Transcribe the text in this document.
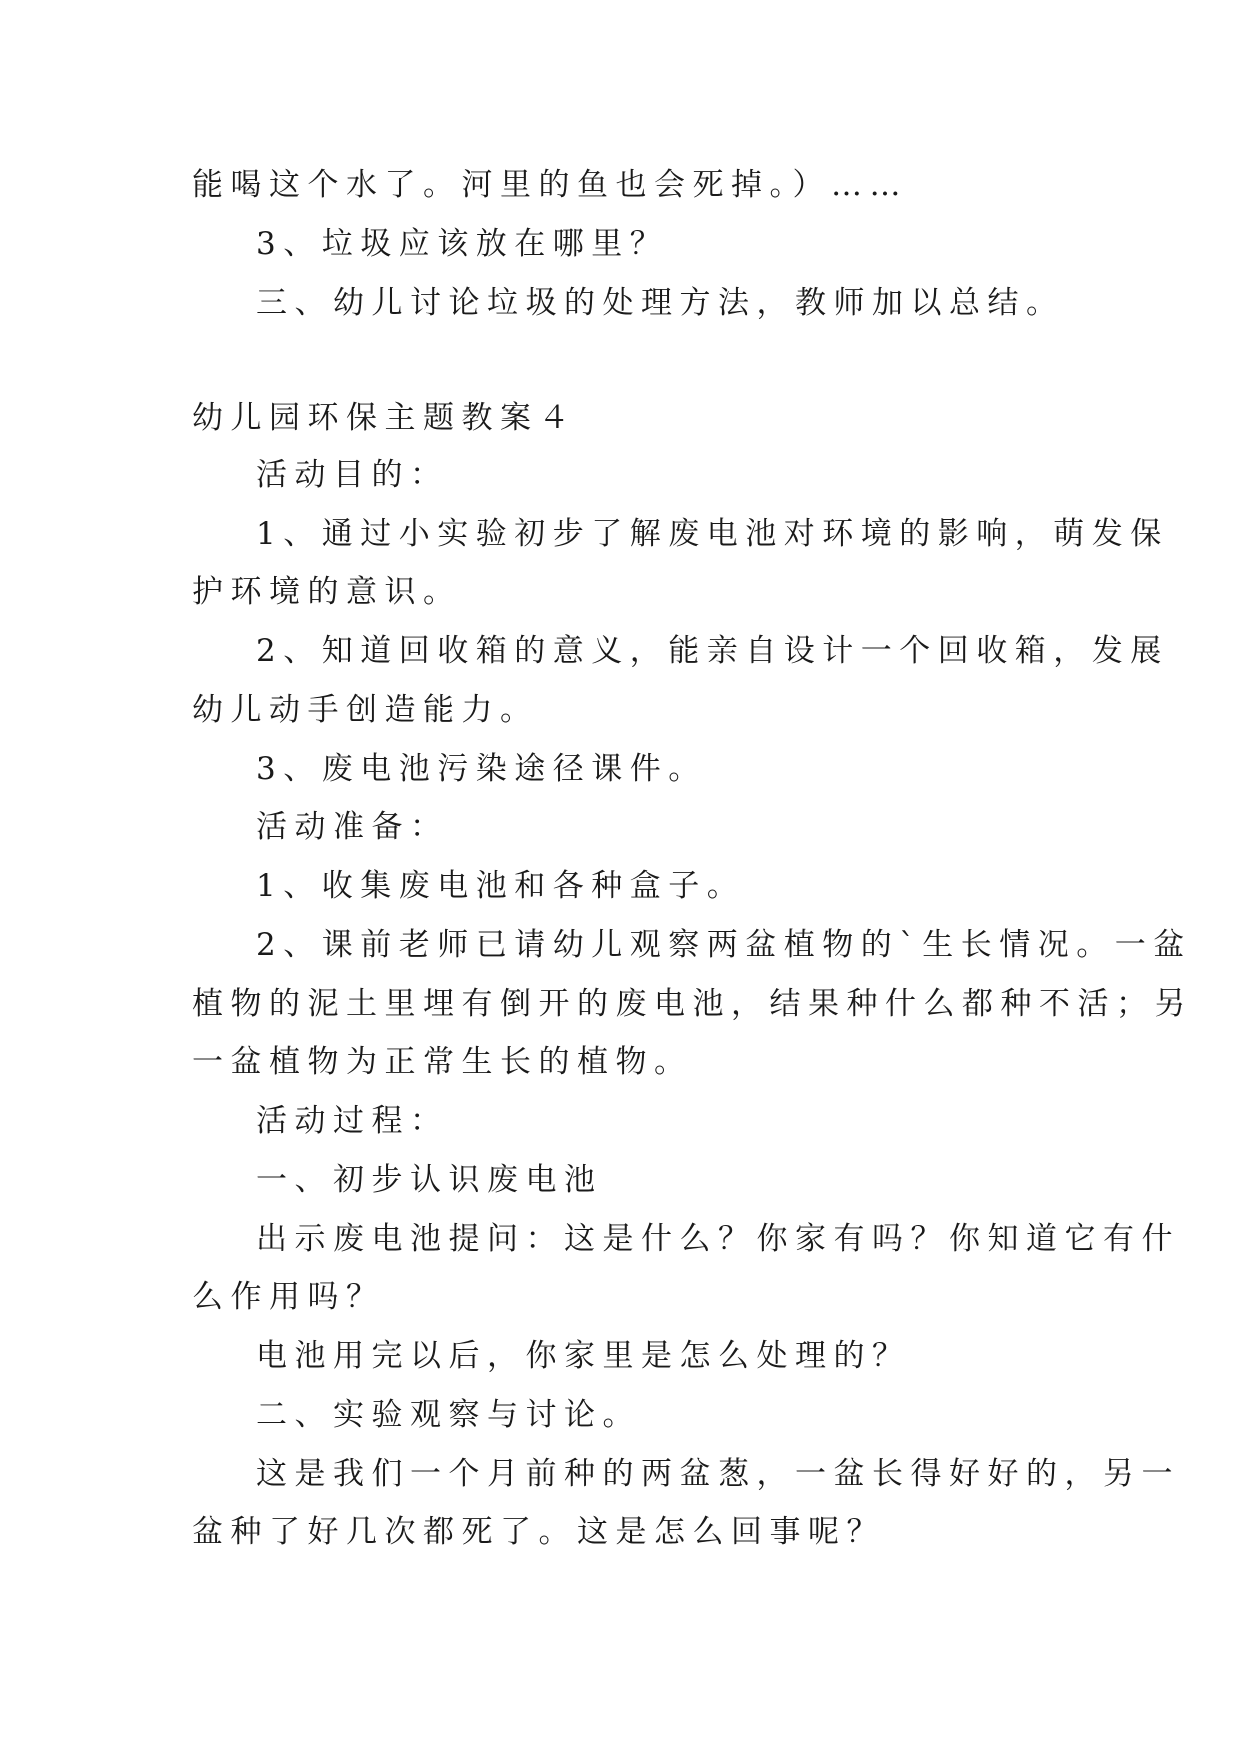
能喝这个水了。河里的鱼也会死掉。）……
3、垃圾应该放在哪里？
三、幼儿讨论垃圾的处理方法，教师加以总结。
幼儿园环保主题教案４
活动目的：
1、通过小实验初步了解废电池对环境的影响，萌发保
护环境的意识。
2、知道回收箱的意义，能亲自设计一个回收箱，发展
幼儿动手创造能力。
3、废电池污染途径课件。
活动准备：
1、收集废电池和各种盒子。
2、课前老师已请幼儿观察两盆植物的`生长情况。一盆
植物的泥土里埋有倒开的废电池，结果种什么都种不活；另
一盆植物为正常生长的植物。
活动过程：
一、初步认识废电池
出示废电池提问：这是什么？你家有吗？你知道它有什
么作用吗？
电池用完以后，你家里是怎么处理的？
二、实验观察与讨论。
这是我们一个月前种的两盆葱，一盆长得好好的，另一
盆种了好几次都死了。这是怎么回事呢？
